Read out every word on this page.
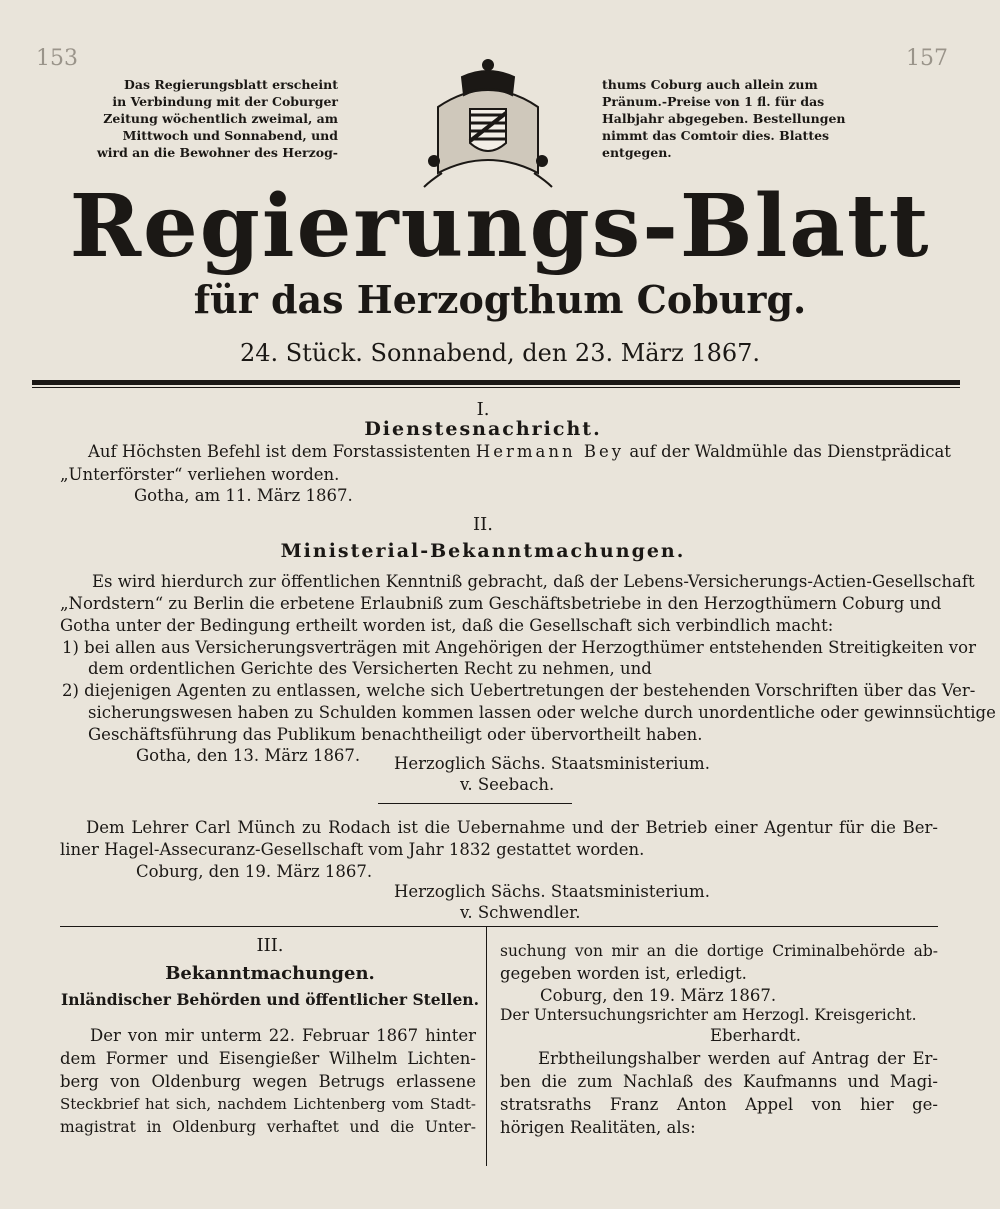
153	157
Das Regierungsblatt erscheint
in Verbindung mit der Coburger
Zeitung wöchentlich zweimal, am
Mittwoch und Sonnabend, und
wird an die Bewohner des Herzog-
thums Coburg auch allein zum
Pränum.-Preise von 1 fl. für das
Halbjahr abgegeben. Bestellungen
nimmt das Comtoir dies. Blattes
entgegen.
Regierungs-Blatt
für das Herzogthum Coburg.
24. Stück. Sonnabend, den 23. März 1867.
I.
Dienstesnachricht.
Auf Höchsten Befehl ist dem Forstassistenten Hermann Bey auf der Waldmühle das Dienstprädicat
„Unterförster“ verliehen worden.
Gotha, am 11. März 1867.
II.
Ministerial-Bekanntmachungen.
Es wird hierdurch zur öffentlichen Kenntniß gebracht, daß der Lebens-Versicherungs-Actien-Gesellschaft
„Nordstern“ zu Berlin die erbetene Erlaubniß zum Geschäftsbetriebe in den Herzogthümern Coburg und
Gotha unter der Bedingung ertheilt worden ist, daß die Gesellschaft sich verbindlich macht:
1) bei allen aus Versicherungsverträgen mit Angehörigen der Herzogthümer entstehenden Streitigkeiten vor
dem ordentlichen Gerichte des Versicherten Recht zu nehmen, und
2) diejenigen Agenten zu entlassen, welche sich Uebertretungen der bestehenden Vorschriften über das Ver-
sicherungswesen haben zu Schulden kommen lassen oder welche durch unordentliche oder gewinnsüchtige
Geschäftsführung das Publikum benachtheiligt oder übervortheilt haben.
Gotha, den 13. März 1867. Herzoglich Sächs. Staatsministerium.
v. Seebach.
Dem Lehrer Carl Münch zu Rodach ist die Uebernahme und der Betrieb einer Agentur für die Ber-
liner Hagel-Assecuranz-Gesellschaft vom Jahr 1832 gestattet worden.
Coburg, den 19. März 1867.
Herzoglich Sächs. Staatsministerium.
v. Schwendler.
III.
Bekanntmachungen.
Inländischer Behörden und öffentlicher Stellen.
Der von mir unterm 22. Februar 1867 hinter
dem Former und Eisengießer Wilhelm Lichten-
berg von Oldenburg wegen Betrugs erlassene
Steckbrief hat sich, nachdem Lichtenberg vom Stadt-
magistrat in Oldenburg verhaftet und die Unter-
suchung von mir an die dortige Criminalbehörde ab-
gegeben worden ist, erledigt.
Coburg, den 19. März 1867.
Der Untersuchungsrichter am Herzogl. Kreisgericht.
Eberhardt.
Erbtheilungshalber werden auf Antrag der Er-
ben die zum Nachlaß des Kaufmanns und Magi-
stratsraths Franz Anton Appel von hier ge-
hörigen Realitäten, als:
